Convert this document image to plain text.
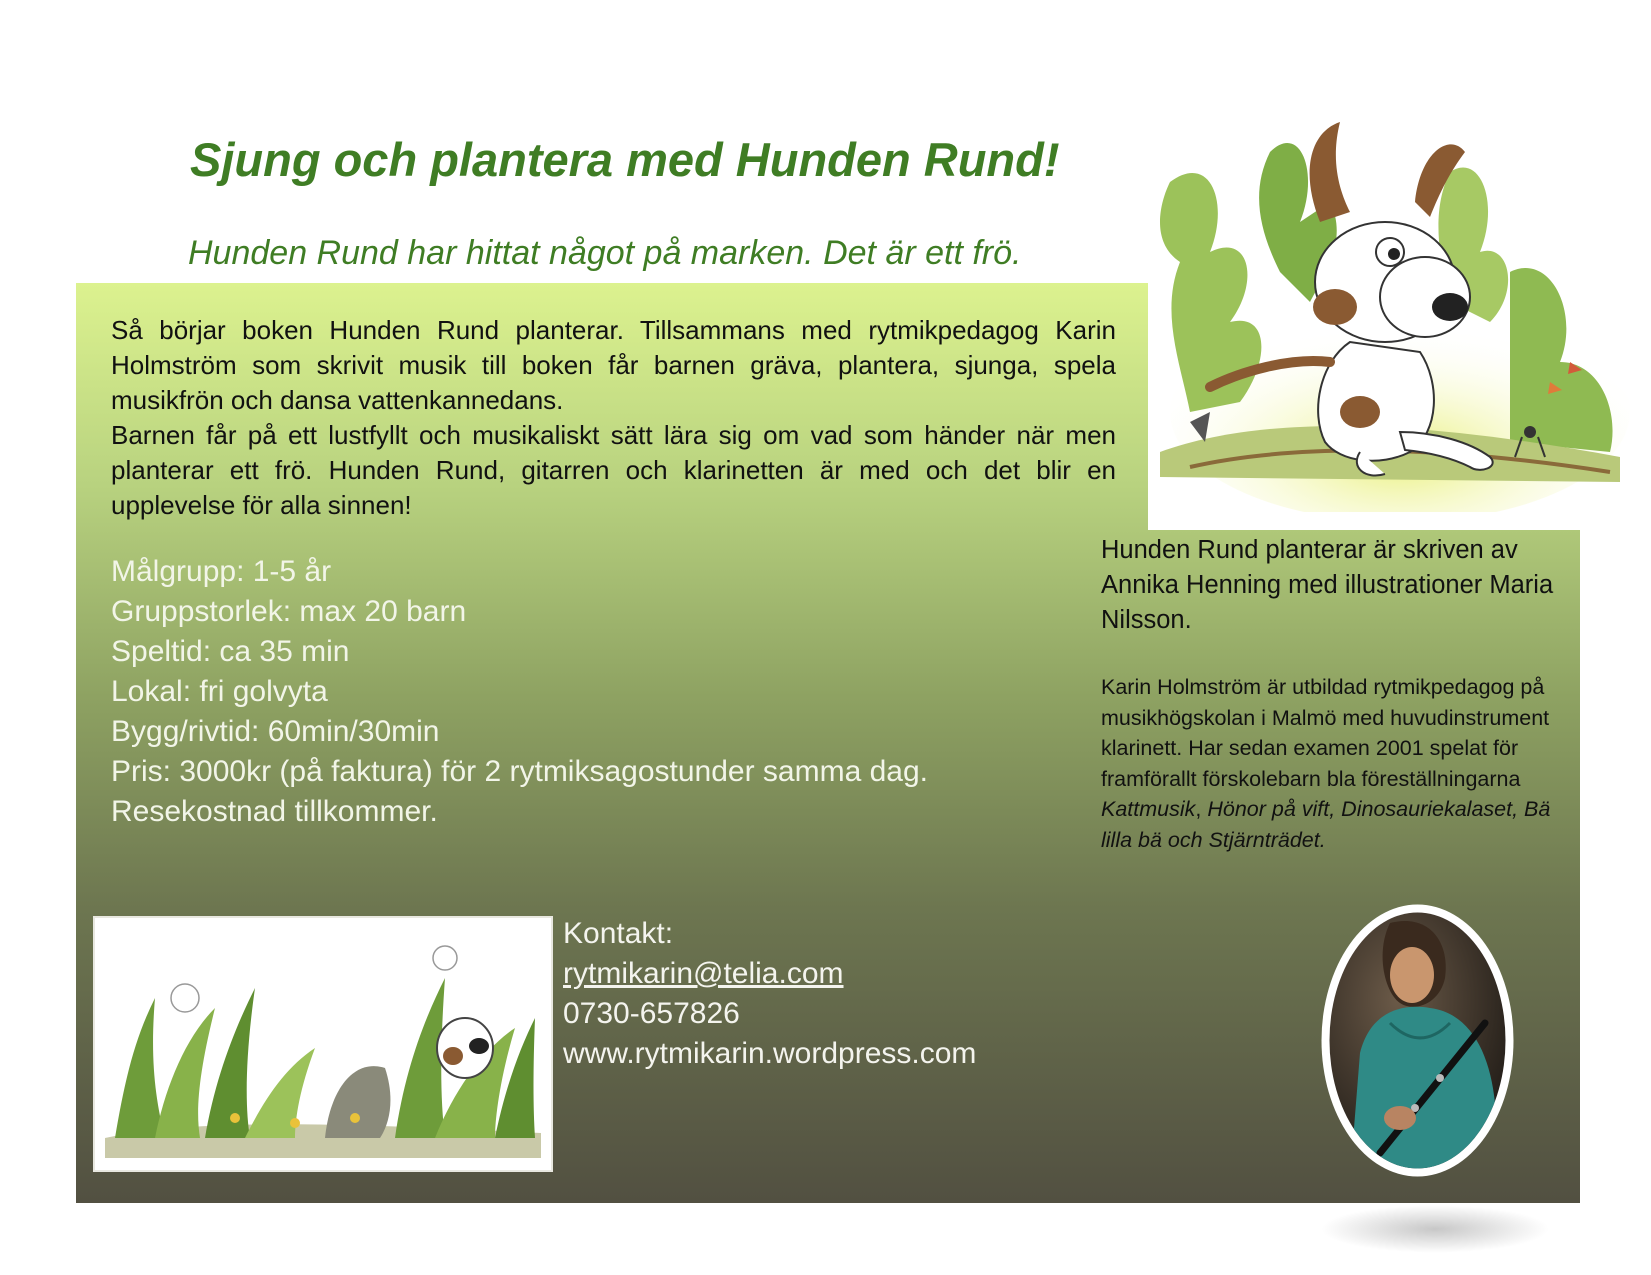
Sjung och plantera med Hunden Rund!
Hunden Rund har hittat något på marken. Det är ett frö.

Så börjar boken Hunden Rund planterar. Tillsammans med rytmikpedagog Karin Holmström som skrivit musik till boken får barnen gräva, plantera, sjunga, spela musikfrön och dansa vattenkannedans.

Barnen får på ett lustfyllt och musikaliskt sätt lära sig om vad som händer när men planterar ett frö. Hunden Rund, gitarren och klarinetten är med och det blir en upplevelse för alla sinnen!

Målgrupp: 1-5 år
Gruppstorlek: max 20 barn
Speltid: ca 35 min
Lokal: fri golvyta
Bygg/rivtid: 60min/30min
Pris: 3000kr (på faktura) för 2 rytmiksagostunder samma dag.
Resekostnad tillkommer.
Hunden Rund planterar är skriven av Annika Henning med illustrationer Maria Nilsson.
Karin Holmström är utbildad rytmikpedagog på musikhögskolan i Malmö med huvudinstrument klarinett. Har sedan examen 2001 spelat för framförallt förskolebarn bla föreställningarna Kattmusik, Hönor på vift, Dinosauriekalaset, Bä lilla bä och Stjärnträdet.
Kontakt:
rytmikarin@telia.com
0730-657826
www.rytmikarin.wordpress.com
